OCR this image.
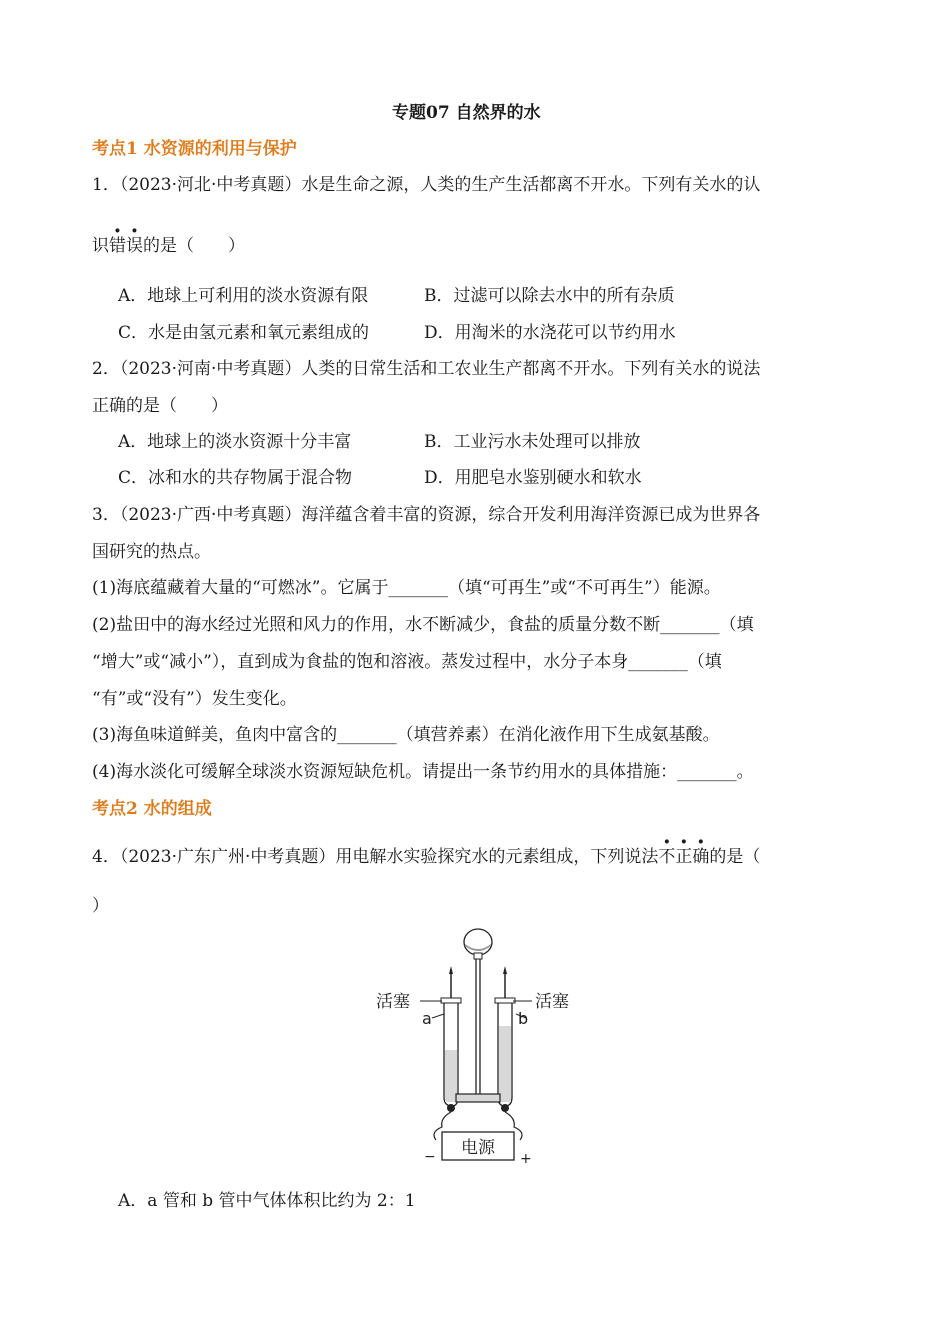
专题07 自然界的水
考点1 水资源的利用与保护
1．（2023·河北·中考真题）水是生命之源，人类的生产生活都离不开水。下列有关水的认
识错误的是（　　）
A．地球上可利用的淡水资源有限	B．过滤可以除去水中的所有杂质
C．水是由氢元素和氧元素组成的	D．用淘米的水浇花可以节约用水
2．（2023·河南·中考真题）人类的日常生活和工农业生产都离不开水。下列有关水的说法
正确的是（　　）
A．地球上的淡水资源十分丰富	B．工业污水未处理可以排放
C．冰和水的共存物属于混合物	D．用肥皂水鉴别硬水和软水
3．（2023·广西·中考真题）海洋蕴含着丰富的资源，综合开发利用海洋资源已成为世界各
国研究的热点。
(1)海底蕴藏着大量的“可燃冰”。它属于_______（填“可再生”或“不可再生”）能源。
(2)盐田中的海水经过光照和风力的作用，水不断减少，食盐的质量分数不断_______（填
“增大”或“减小”），直到成为食盐的饱和溶液。蒸发过程中，水分子本身_______（填
“有”或“没有”）发生变化。
(3)海鱼味道鲜美，鱼肉中富含的_______（填营养素）在消化液作用下生成氨基酸。
(4)海水淡化可缓解全球淡水资源短缺危机。请提出一条节约用水的具体措施：_______。
考点2 水的组成
4．（2023·广东广州·中考真题）用电解水实验探究水的元素组成，下列说法不正确的是（
）
电源
−	+
活塞	活塞
a	b
A．a 管和 b 管中气体体积比约为 2：1
